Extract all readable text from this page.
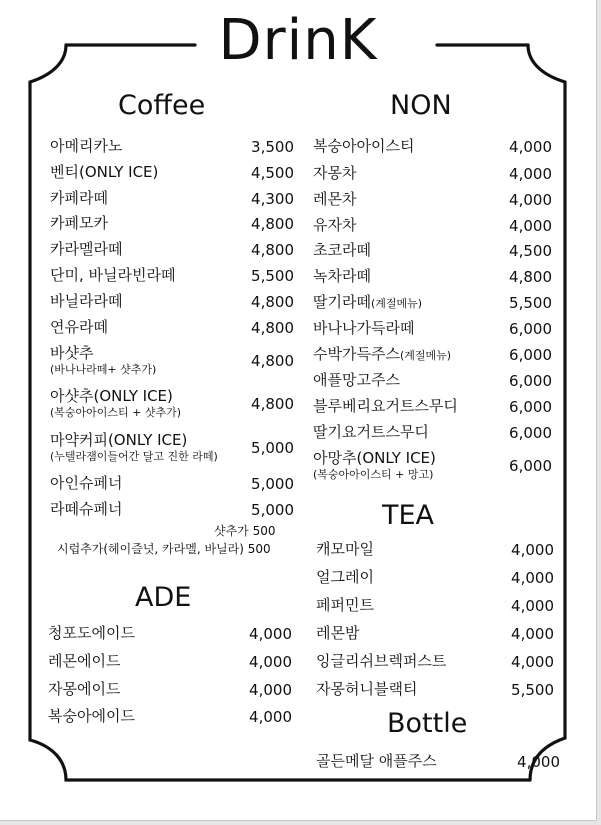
DrinK
Coffee
아메리카노	3,500
벤티(ONLY ICE)	4,500
카페라떼	4,300
카페모카	4,800
카라멜라떼	4,800
단미, 바닐라빈라떼	5,500
바닐라라떼	4,800
연유라떼	4,800
바샷추
(바나나라떼+ 샷추가)	4,800
아샷추(ONLY ICE)
(복숭아아이스티 + 샷추가)	4,800
마약커피(ONLY ICE)
(누텔라잼이들어간 달고 진한 라떼)	5,000
아인슈페너	5,000
라떼슈페너	5,000
샷추가 500
시럽추가(헤이즐넛, 카라멜, 바닐라) 500
ADE
청포도에이드	4,000
레몬에이드	4,000
자몽에이드	4,000
복숭아에이드	4,000
NON
복숭아아이스티	4,000
자몽차	4,000
레몬차	4,000
유자차	4,000
초코라떼	4,500
녹차라떼	4,800
딸기라떼(계절메뉴)	5,500
바나나가득라떼	6,000
수박가득주스(계절메뉴)	6,000
애플망고주스	6,000
블루베리요거트스무디	6,000
딸기요거트스무디	6,000
아망추(ONLY ICE)
(복숭아아이스티 + 망고)	6,000
TEA
캐모마일	4,000
얼그레이	4,000
페퍼민트	4,000
레몬밤	4,000
잉글리쉬브렉퍼스트	4,000
자몽허니블랙티	5,500
Bottle
골든메달 애플주스	4,000
